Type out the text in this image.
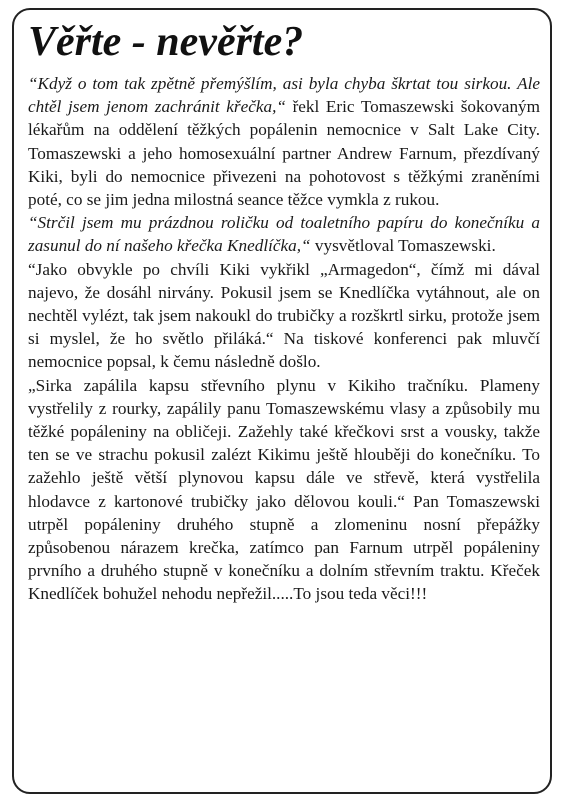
Věřte - nevěřte?

“Když o tom tak zpětně přemýšlím, asi byla chyba škrtat tou sirkou. Ale chtěl jsem jenom zachránit křečka,“ řekl Eric Tomaszewski šokovaným lékařům na oddělení těžkých popálenin nemocnice v Salt Lake City. Tomaszewski a jeho homosexuální partner Andrew Farnum, přezdívaný Kiki, byli do nemocnice přivezeni na pohotovost s těžkými zraněními poté, co se jim jedna milostná seance těžce vymkla z rukou.

“Strčil jsem mu prázdnou roličku od toaletního papíru do konečníku a zasunul do ní našeho křečka Knedlíčka,“ vysvětloval Tomaszewski.

“Jako obvykle po chvíli Kiki vykřikl „Armagedon“, čímž mi dával najevo, že dosáhl nirvány. Pokusil jsem se Knedlíčka vytáhnout, ale on nechtěl vylézt, tak jsem nakoukl do trubičky a rozškrtl sirku, protože jsem si myslel, že ho světlo přiláká.“ Na tiskové konferenci pak mluvčí nemocnice popsal, k čemu následně došlo.

„Sirka zapálila kapsu střevního plynu v Kikiho tračníku. Plameny vystřelily z rourky, zapálily panu Tomaszewskému vlasy a způsobily mu těžké popáleniny na obličeji. Zažehly také křečkovi srst a vousky, takže ten se ve strachu pokusil zalézt Kikimu ještě hlouběji do konečníku. To zažehlo ještě větší plynovou kapsu dále ve střevě, která vystřelila hlodavce z kartonové trubičky jako dělovou kouli.“ Pan Tomaszewski utrpěl popáleniny druhého stupně a zlomeninu nosní přepážky způsobenou nárazem krečka, zatímco pan Farnum utrpěl popáleniny prvního a druhého stupně v konečníku a dolním střevním traktu. Křeček Knedlíček bohužel nehodu nepřežil.....To jsou teda věci!!!
